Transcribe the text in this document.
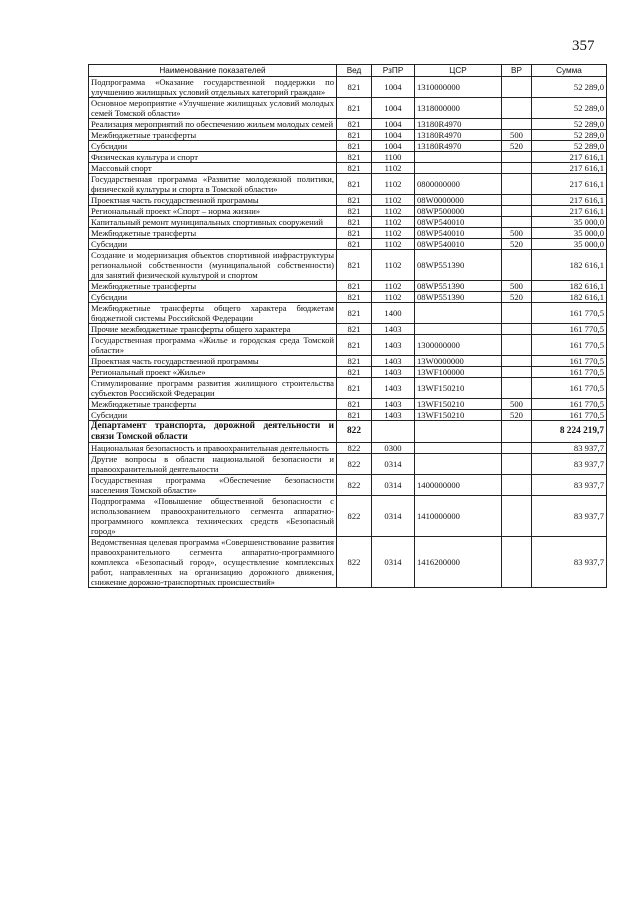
357
Наименование показателей	Вед	РзПР	ЦСР	ВР	Сумма
Подпрограмма «Оказание государственной поддержки по улучшению жилищных условий отдельных категорий граждан»	821	1004	1310000000		52 289,0
Основное мероприятие «Улучшение жилищных условий молодых семей Томской области»	821	1004	1318000000		52 289,0
Реализация мероприятий по обеспечению жильем молодых семей	821	1004	13180R4970		52 289,0
Межбюджетные трансферты	821	1004	13180R4970	500	52 289,0
Субсидии	821	1004	13180R4970	520	52 289,0
Физическая культура и спорт	821	1100			217 616,1
Массовый спорт	821	1102			217 616,1
Государственная программа «Развитие молодежной политики, физической культуры и спорта в Томской области»	821	1102	0800000000		217 616,1
Проектная часть государственной программы	821	1102	08W0000000		217 616,1
Региональный проект «Спорт – норма жизни»	821	1102	08WP500000		217 616,1
Капитальный ремонт муниципальных спортивных сооружений	821	1102	08WP540010		35 000,0
Межбюджетные трансферты	821	1102	08WP540010	500	35 000,0
Субсидии	821	1102	08WP540010	520	35 000,0
Создание и модернизация объектов спортивной инфраструктуры региональной собственности (муниципальной собственности) для занятий физической культурой и спортом	821	1102	08WP551390		182 616,1
Межбюджетные трансферты	821	1102	08WP551390	500	182 616,1
Субсидии	821	1102	08WP551390	520	182 616,1
Межбюджетные трансферты общего характера бюджетам бюджетной системы Российской Федерации	821	1400			161 770,5
Прочие межбюджетные трансферты общего характера	821	1403			161 770,5
Государственная программа «Жилье и городская среда Томской области»	821	1403	1300000000		161 770,5
Проектная часть государственной программы	821	1403	13W0000000		161 770,5
Региональный проект «Жилье»	821	1403	13WF100000		161 770,5
Стимулирование программ развития жилищного строительства субъектов Российской Федерации	821	1403	13WF150210		161 770,5
Межбюджетные трансферты	821	1403	13WF150210	500	161 770,5
Субсидии	821	1403	13WF150210	520	161 770,5
Департамент транспорта, дорожной деятельности и связи Томской области	822				8 224 219,7
Национальная безопасность и правоохранительная деятельность	822	0300			83 937,7
Другие вопросы в области национальной безопасности и правоохранительной деятельности	822	0314			83 937,7
Государственная программа «Обеспечение безопасности населения Томской области»	822	0314	1400000000		83 937,7
Подпрограмма «Повышение общественной безопасности с использованием правоохранительного сегмента аппаратно-программного комплекса технических средств «Безопасный город»	822	0314	1410000000		83 937,7
Ведомственная целевая программа «Совершенствование развития правоохранительного сегмента аппаратно-программного комплекса «Безопасный город», осуществление комплексных работ, направленных на организацию дорожного движения, снижение дорожно-транспортных происшествий»	822	0314	1416200000		83 937,7
